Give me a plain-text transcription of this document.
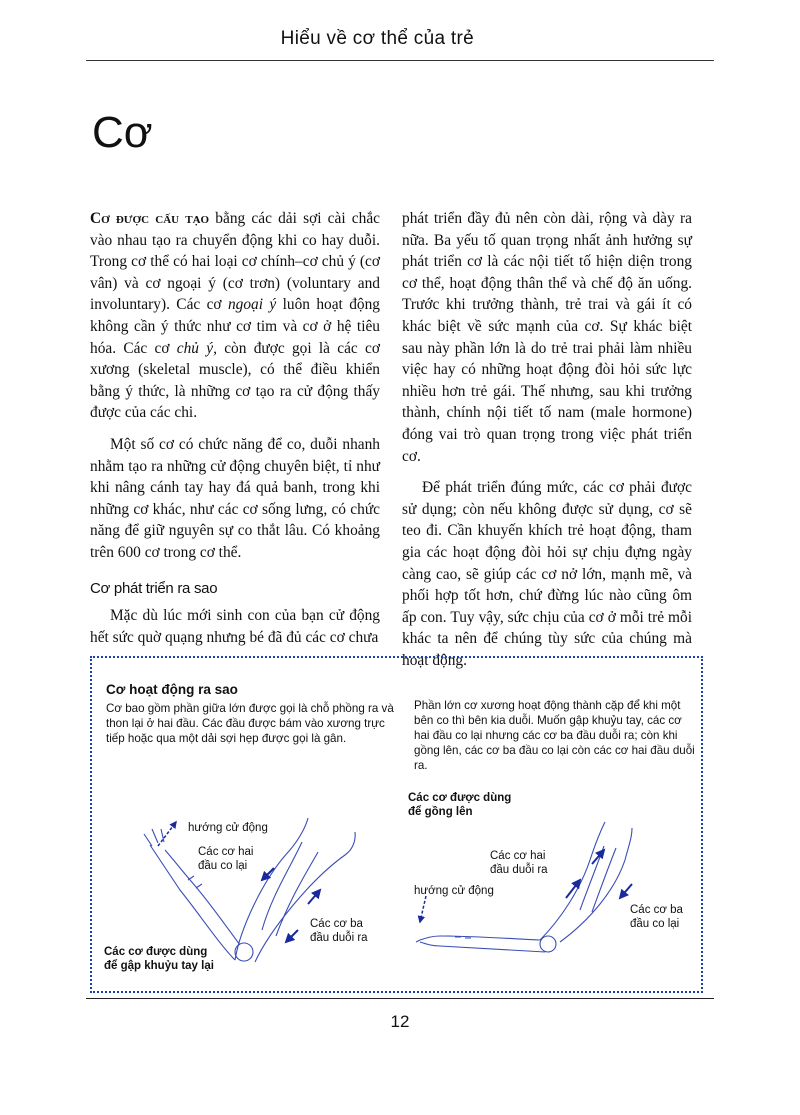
Hiểu về cơ thể của trẻ
Cơ

Cơ được cấu tạo bằng các dải sợi cài chắc vào nhau tạo ra chuyển động khi co hay duỗi. Trong cơ thể có hai loại cơ chính–cơ chủ ý (cơ vân) và cơ ngoại ý (cơ trơn) (voluntary and involuntary). Các cơ ngoại ý luôn hoạt động không cần ý thức như cơ tim và cơ ở hệ tiêu hóa. Các cơ chủ ý, còn được gọi là các cơ xương (skeletal muscle), có thể điều khiển bằng ý thức, là những cơ tạo ra cử động thấy được của các chi.

Một số cơ có chức năng để co, duỗi nhanh nhằm tạo ra những cử động chuyên biệt, tỉ như khi nâng cánh tay hay đá quả banh, trong khi những cơ khác, như các cơ sống lưng, có chức năng để giữ nguyên sự co thắt lâu. Có khoảng trên 600 cơ trong cơ thể.

Cơ phát triển ra sao

Mặc dù lúc mới sinh con của bạn cử động hết sức quờ quạng nhưng bé đã đủ các cơ chưa

phát triển đầy đủ nên còn dài, rộng và dày ra nữa. Ba yếu tố quan trọng nhất ảnh hưởng sự phát triển cơ là các nội tiết tố hiện diện trong cơ thể, hoạt động thân thể và chế độ ăn uống. Trước khi trưởng thành, trẻ trai và gái ít có khác biệt về sức mạnh của cơ. Sự khác biệt sau này phần lớn là do trẻ trai phải làm nhiều việc hay có những hoạt động đòi hỏi sức lực nhiều hơn trẻ gái. Thế nhưng, sau khi trưởng thành, chính nội tiết tố nam (male hormone) đóng vai trò quan trọng trong việc phát triển cơ.

Để phát triển đúng mức, các cơ phải được sử dụng; còn nếu không được sử dụng, cơ sẽ teo đi. Cần khuyến khích trẻ hoạt động, tham gia các hoạt động đòi hỏi sự chịu đựng ngày càng cao, sẽ giúp các cơ nở lớn, mạnh mẽ, và phối hợp tốt hơn, chứ đừng lúc nào cũng ôm ấp con. Tuy vậy, sức chịu của cơ ở mỗi trẻ mỗi khác ta nên để chúng tùy sức của chúng mà hoạt động.

Cơ hoạt động ra sao
Cơ bao gồm phần giữa lớn được gọi là chỗ phồng ra và thon lại ở hai đầu. Các đầu được bám vào xương trực tiếp hoặc qua một dải sợi hẹp được gọi là gân.
Phần lớn cơ xương hoạt động thành cặp để khi một bên co thì bên kia duỗi. Muốn gập khuỷu tay, các cơ hai đầu co lại nhưng các cơ ba đầu duỗi ra; còn khi gồng lên, các cơ ba đầu co lại còn các cơ hai đầu duỗi ra.
hướng cử động
Các cơ hai
đầu co lại
Các cơ ba
đầu duỗi ra
Các cơ được dùng
để gập khuỷu tay lại
Các cơ được dùng
để gồng lên
Các cơ hai
đầu duỗi ra
hướng cử động
Các cơ ba
đầu co lại
12
